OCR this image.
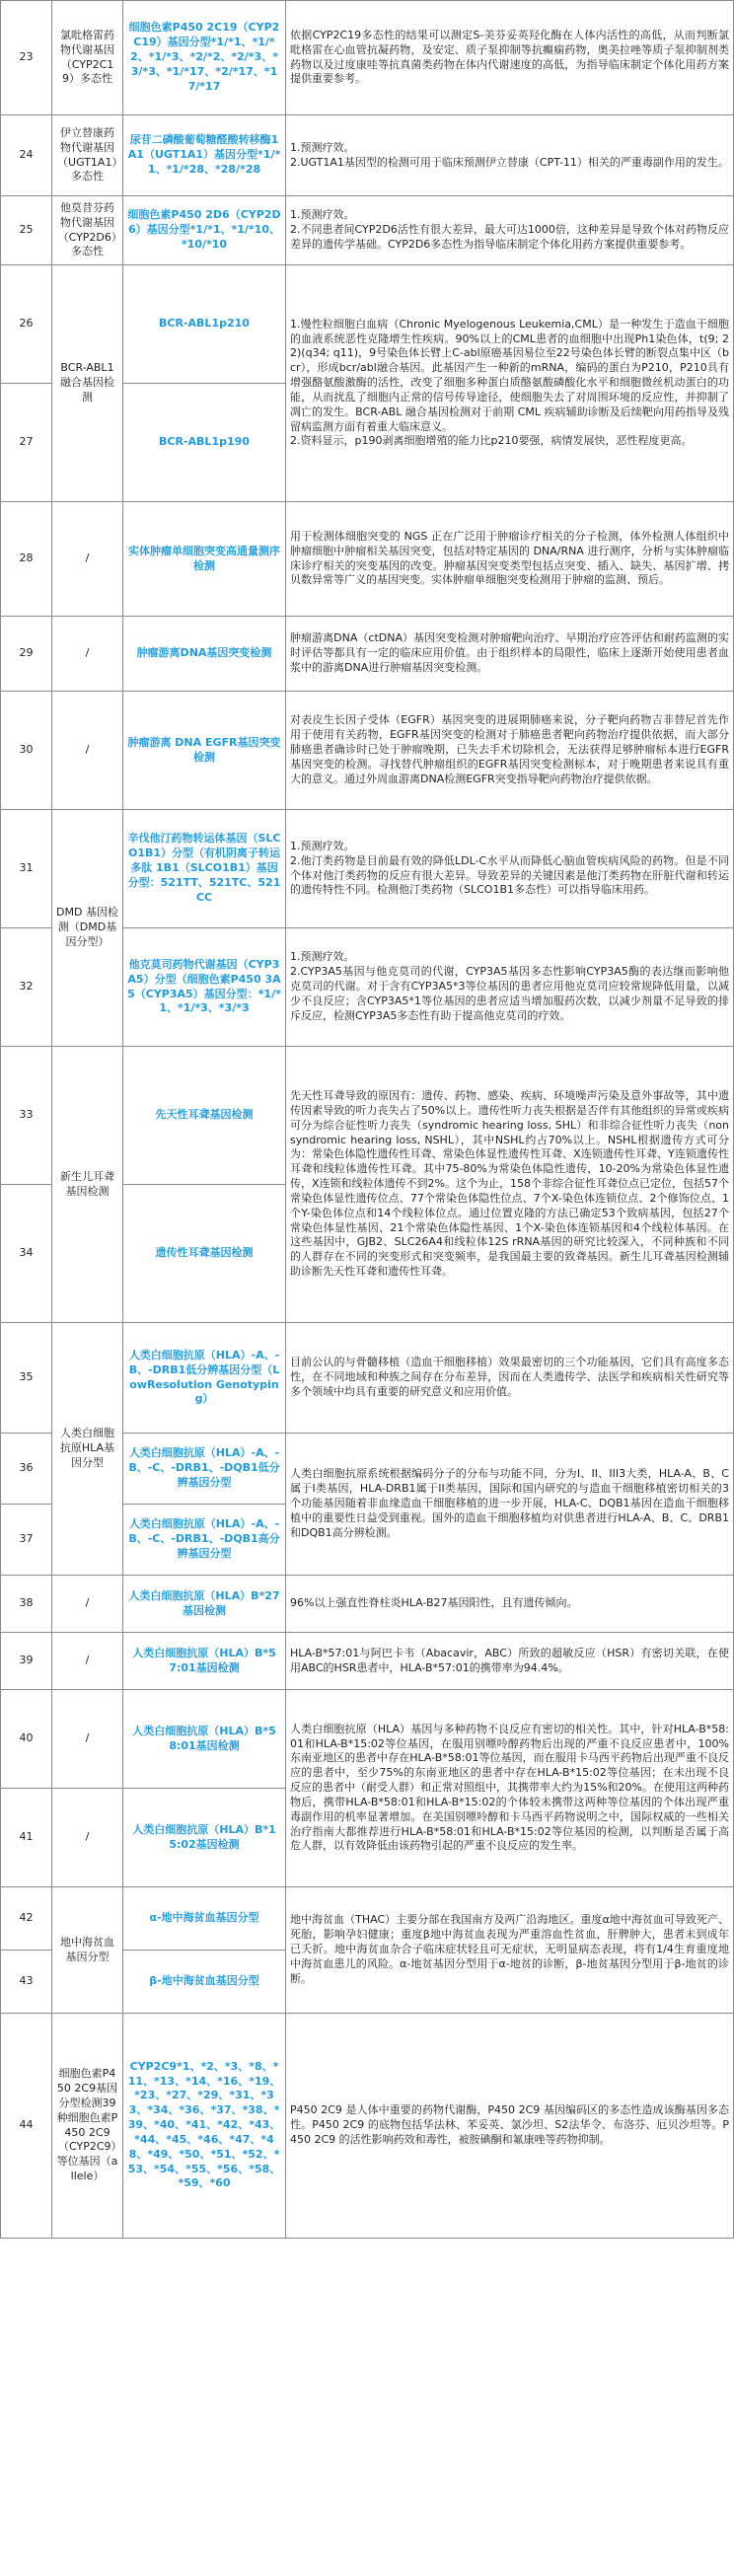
23	氯吡格雷药物代谢基因（CYP2C19）多态性	细胞色素P450 2C19（CYP2C19）基因分型*1/*1、*1/*2、*1/*3、*2/*2、*2/*3、*3/*3、*1/*17、*2/*17、*17/*17	依据CYP2C19多态性的结果可以测定S-美芬妥英羟化酶在人体内活性的高低，从而判断氯吡格雷在心血管抗凝药物，及安定、质子泵抑制等抗癫痫药物，奥美拉唑等质子泵抑制剂类药物以及过度康哇等抗真菌类药物在体内代谢速度的高低，为指导临床制定个体化用药方案提供重要参考。
24	伊立替康药物代谢基因（UGT1A1）多态性	尿苷二磷酸葡萄糖醛酸转移酶1A1（UGT1A1）基因分型*1/*1、*1/*28、*28/*28	1.预测疗效。
2.UGT1A1基因型的检测可用于临床预测伊立替康（CPT-11）相关的严重毒副作用的发生。
25	他莫昔芬药物代谢基因（CYP2D6）多态性	细胞色素P450 2D6（CYP2D6）基因分型*1/*1、*1/*10、*10/*10	1.预测疗效。
2.不同患者间CYP2D6活性有很大差异，最大可达1000倍，这种差异是导致个体对药物反应差异的遗传学基础。CYP2D6多态性为指导临床制定个体化用药方案提供重要参考。
26	BCR-ABL1融合基因检测	BCR-ABL1p210	1.慢性粒细胞白血病（Chronic Myelogenous Leukemia,CML）是一种发生于造血干细胞的血液系统恶性克隆增生性疾病。90%以上的CML患者的血细胞中出现Ph1染色体，t(9; 22)(q34; q11)，9号染色体长臂上C-abl原癌基因易位至22号染色体长臂的断裂点集中区（bcr），形成bcr/abl融合基因。此基因产生一种新的mRNA，编码的蛋白为P210，P210具有增强酪氨酸激酶的活性，改变了细胞多种蛋白质酪氨酸磷酸化水平和细胞微丝机动蛋白的功能，从而扰乱了细胞内正常的信号传导途径，使细胞失去了对周围环境的反应性，并抑制了凋亡的发生。BCR-ABL 融合基因检测对于前期 CML 疾病辅助诊断及后续靶向用药指导及残留病监测方面有着重大临床意义。
2.资料显示，p190剥离细胞增殖的能力比p210要强，病情发展快，恶性程度更高。
27		BCR-ABL1p190	
28	/	实体肿瘤单细胞突变高通量测序检测	用于检测体细胞突变的 NGS 正在广泛用于肿瘤诊疗相关的分子检测，体外检测人体组织中肿瘤细胞中肿瘤相关基因突变，包括对特定基因的 DNA/RNA 进行测序，分析与实体肿瘤临床诊疗相关的突变基因的改变。肿瘤基因突变类型包括点突变、插入、缺失、基因扩增、拷贝数异常等广义的基因突变。实体肿瘤单细胞突变检测用于肿瘤的监测、预后。
29	/	肿瘤游离DNA基因突变检测	肿瘤游离DNA（ctDNA）基因突变检测对肿瘤靶向治疗、早期治疗应答评估和耐药监测的实时评估等都具有一定的临床应用价值。由于组织样本的局限性，临床上逐渐开始使用患者血浆中的游离DNA进行肿瘤基因突变检测。
30	/	肿瘤游离 DNA EGFR基因突变检测	对表皮生长因子受体（EGFR）基因突变的进展期肺癌来说，分子靶向药物吉非替尼首先作用于使用有关药物，EGFR基因突变的检测对于肺癌患者靶向药物治疗提供依据，而大部分肺癌患者确诊时已处于肿瘤晚期，已失去手术切除机会，无法获得足够肿瘤标本进行EGFR 基因突变的检测。寻找替代肿瘤组织的EGFR基因突变检测标本，对于晚期患者来说具有重大的意义。通过外周血游离DNA检测EGFR突变指导靶向药物治疗提供依据。
31	DMD 基因检测（DMD基因分型）	辛伐他汀药物转运体基因（SLCO1B1）分型（有机阴离子转运多肽 1B1（SLCO1B1）基因分型：521TT、521TC、521CC	1.预测疗效。
2.他汀类药物是目前最有效的降低LDL-C水平从而降低心脑血管疾病风险的药物。但是不同个体对他汀类药物的反应有很大差异。导致差异的关键因素是他汀类药物在肝脏代谢和转运的遗传特性不同。检测他汀类药物（SLCO1B1多态性）可以指导临床用药。
32		他克莫司药物代谢基因（CYP3A5）分型（细胞色素P450 3A5（CYP3A5）基因分型：*1/*1、*1/*3、*3/*3	1.预测疗效。
2.CYP3A5基因与他克莫司的代谢，CYP3A5基因多态性影响CYP3A5酶的表达继而影响他克莫司的代谢。对于含有CYP3A5*3等位基因的患者应用他克莫司应较常规降低用量，以减少不良反应；含CYP3A5*1等位基因的患者应适当增加服药次数，以减少剂量不足导致的排斥反应，检测CYP3A5多态性有助于提高他克莫司的疗效。
33	新生儿耳聋基因检测	先天性耳聋基因检测	先天性耳聋导致的原因有：遗传、药物、感染、疾病、环境噪声污染及意外事故等，其中遗传因素导致的听力丧失占了50%以上。遗传性听力丧失根据是否伴有其他组织的异常或疾病可分为综合征性听力丧失（syndromic hearing loss, SHL）和非综合征性听力丧失（nonsyndromic hearing loss, NSHL），其中NSHL约占70%以上。NSHL根据遗传方式可分为：常染色体隐性遗传性耳聋、常染色体显性遗传性耳聋、X连锁遗传性耳聋、Y连锁遗传性耳聋和线粒体遗传性耳聋。其中75-80%为常染色体隐性遗传，10-20%为常染色体显性遗传，X连锁和线粒体遗传不到2%。这个为止，158个非综合征性耳聋位点已定位，包括57个常染色体显性遗传位点、77个常染色体隐性位点、7个X-染色体连锁位点、2个修饰位点、1个Y-染色体位点和14个线粒体位点。通过位置克隆的方法已确定53个致病基因，包括27个常染色体显性基因、21个常染色体隐性基因、1个X-染色体连锁基因和4个线粒体基因。在这些基因中，GJB2、SLC26A4和线粒体12S rRNA基因的研究比较深入，不同种族和不同的人群存在不同的突变形式和突变频率，是我国最主要的致聋基因。新生儿耳聋基因检测辅助诊断先天性耳聋和遗传性耳聋。
34		遗传性耳聋基因检测	
35	人类白细胞抗原HLA基因分型	人类白细胞抗原（HLA）-A、-B、-DRB1低分辨基因分型（LowResolution Genotyping）	目前公认的与骨髓移植（造血干细胞移植）效果最密切的三个功能基因，它们具有高度多态性，在不同地域和种族之间存在分布差异，因而在人类遗传学、法医学和疾病相关性研究等多个领域中均具有重要的研究意义和应用价值。
36		人类白细胞抗原（HLA）-A、-B、-C、-DRB1、-DQB1低分辨基因分型	人类白细胞抗原系统根据编码分子的分布与功能不同，分为I、II、III3大类，HLA-A、B、C属于I类基因，HLA-DRB1属于II类基因，国际和国内研究的与造血干细胞移植密切相关的3个功能基因随着非血缘造血干细胞移植的进一步开展，HLA-C、DQB1基因在造血干细胞移植中的重要性日益受到重视。国外的造血干细胞移植均对供患者进行HLA-A、B、C、DRB1和DQB1高分辨检测。
37		人类白细胞抗原（HLA）-A、-B、-C、-DRB1、-DQB1高分辨基因分型	
38	/	人类白细胞抗原（HLA）B*27 基因检测	96%以上强直性脊柱炎HLA-B27基因阳性，且有遗传倾向。
39	/	人类白细胞抗原（HLA）B*57:01基因检测	HLA-B*57:01与阿巴卡韦（Abacavir，ABC）所致的超敏反应（HSR）有密切关联，在使用ABC的HSR患者中，HLA-B*57:01的携带率为94.4%。
40	/	人类白细胞抗原（HLA）B*58:01基因检测	人类白细胞抗原（HLA）基因与多种药物不良反应有密切的相关性。其中，针对HLA-B*58:01和HLA-B*15:02等位基因，在服用别嘌呤醇药物后出现的严重不良反应患者中，100%东南亚地区的患者中存在HLA-B*58:01等位基因，而在服用卡马西平药物后出现严重不良反应的患者中，至少75%的东南亚地区的患者中存在HLA-B*15:02等位基因；在未出现不良反应的患者中（耐受人群）和正常对照组中，其携带率大约为15%和20%。在使用这两种药物后，携带HLA-B*58:01和HLA-B*15:02的个体较未携带这两种等位基因的个体出现严重毒副作用的机率显著增加。在美国别嘌呤醇和卡马西平药物说明之中，国际权威的一些相关治疗指南大都推荐进行HLA-B*58:01和HLA-B*15:02等位基因的检测，以判断是否属于高危人群，以有效降低由该药物引起的严重不良反应的发生率。
41	/	人类白细胞抗原（HLA）B*15:02基因检测	
42	地中海贫血基因分型	α-地中海贫血基因分型	地中海贫血（THAC）主要分部在我国南方及两广沿海地区。重度α地中海贫血可导致死产、死胎，影响孕妇健康；重度β地中海贫血表现为严重溶血性贫血，肝脾肿大，患者未到成年已夭折。地中海贫血杂合子临床症状轻且可无症状，无明显病态表现，将有1/4生育重度地中海贫血患儿的风险。α-地贫基因分型用于α-地贫的诊断，β-地贫基因分型用于β-地贫的诊断。
43		β-地中海贫血基因分型	
44	细胞色素P450 2C9基因分型检测39种细胞色素P450 2C9（CYP2C9）等位基因（allele）	CYP2C9*1、*2、*3、*8、*11、*13、*14、*16、*19、*23、*27、*29、*31、*33、*34、*36、*37、*38、*39、*40、*41、*42、*43、*44、*45、*46、*47、*48、*49、*50、*51、*52、*53、*54、*55、*56、*58、*59、*60	P450 2C9 是人体中重要的药物代谢酶，P450 2C9 基因编码区的多态性造成该酶基因多态性。P450 2C9 的底物包括华法林、苯妥英、氯沙坦、S2法华令、布洛芬、厄贝沙坦等。P450 2C9 的活性影响药效和毒性，被胺碘酮和氟康唑等药物抑制。
